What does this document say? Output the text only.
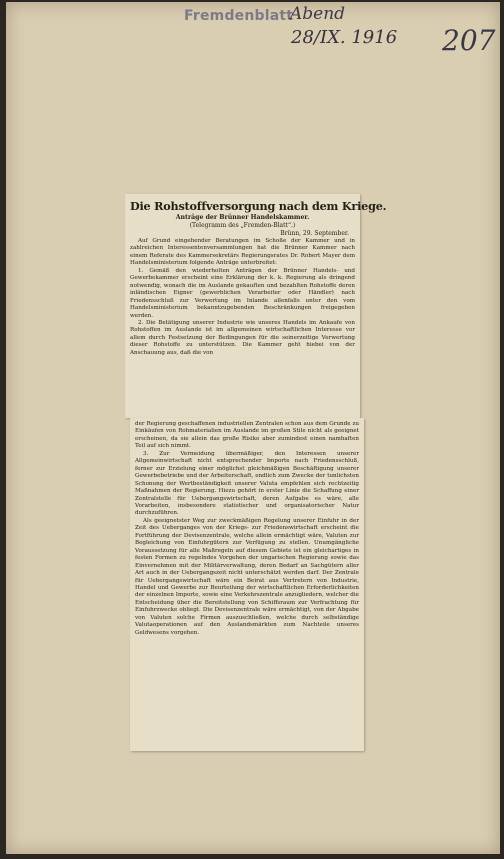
Fremdenblatt
Abend
28/IX. 1916 207
Die Rohstoffversorgung nach dem Kriege.
Anträge der Brünner Handelskammer.
(Telegramm des „Fremden-Blatt“.)
Brünn, 29. September.

Auf Grund eingehender Beratungen im Schoße der Kammer und in zahlreichen Interessentenversammlungen hat die Brünner Kammer nach einem Referate des Kammersekretärs Regierungsrates Dr. Robert Mayer dem Handelsministerium folgende Anträge unterbreitet:

1. Gemäß den wiederholten Anträgen der Brünner Handels- und Gewerbekammer erscheint eine Erklärung der k. k. Regierung als dringend notwendig, wonach die im Auslande gekauften und bezahlten Rohstoffe deren inländischen Eigner (gewerblichen Verarbeiter oder Händler) nach Friedensschluß zur Verwertung im Inlande allenfalls unter den vom Handelsministerium bekanntzugebenden Beschränkungen freigegeben werden.

2. Die Betätigung unserer Industrie wie unseres Handels im Ankaufe von Rohstoffen im Auslande ist im allgemeinen wirtschaftlichen Interesse vor allem durch Festsetzung der Bedingungen für die seinerzeitige Verwertung dieser Rohstoffe zu unterstützen. Die Kammer geht hiebei von der Anschauung aus, daß die von

der Regierung geschaffenen industriellen Zentralen schon aus dem Grunde zu Einkäufen von Rohmaterialien im Auslande im großen Stile nicht als geeignet erscheinen, da sie allein das große Risiko aber zumindest einen namhaften Teil auf sich nimmt.

3. Zur Vermeidung übermäßiger, den Interessen unserer Allgemeinwirtschaft nicht entsprechender Importe nach Friedensschluß, ferner zur Erzielung einer möglichst gleichmäßigen Beschäftigung unserer Gewerbebetriebe und der Arbeiterschaft, endlich zum Zwecke der tunlichsten Schonung der Wertbeständigkeit unserer Valuta empfehlen sich rechtzeitig Maßnahmen der Regierung. Hiezu gehört in erster Linie die Schaffung einer Zentralstelle für Uebergangswirtschaft, deren Aufgabe es wäre, alle Vorarbeiten, insbesondere statistischer und organisatorischer Natur durchzuführen.

Als geeignetster Weg zur zweckmäßigen Regelung unserer Einfuhr in der Zeit des Ueberganges von der Kriegs- zur Friedenswirtschaft erscheint die Fortführung der Devisenzentrale, welche allein ermächtigt wäre, Valuten zur Begleichung von Einfuhrgütern zur Verfügung zu stellen. Unumgängliche Voraussetzung für alle Maßregeln auf diesem Gebiete ist ein gleichartiges in festen Formen zu regelndes Vorgehen der ungarischen Regierung sowie das Einvernehmen mit der Militärverwaltung, deren Bedarf an Sachgütern aller Art auch in der Uebergangszeit nicht unterschätzt werden darf. Der Zentrale für Uebergangswirtschaft wäre ein Beirat aus Vertretern von Industrie, Handel und Gewerbe zur Beurteilung der wirtschaftlichen Erforderlichkeiten der einzelnen Importe, sowie eine Verkehrszentrale anzugliedern, welcher die Entscheidung über die Bereitstellung von Schiffsraum zur Verfrachtung für Einfuhrzwecke obliegt. Die Devisenzentrale wäre ermächtigt, von der Abgabe von Valuten solche Firmen auszuschließen, welche durch selbständige Valutaoperationen auf den Auslandsmärkten zum Nachteile unseres Geldwesens vorgehen.
